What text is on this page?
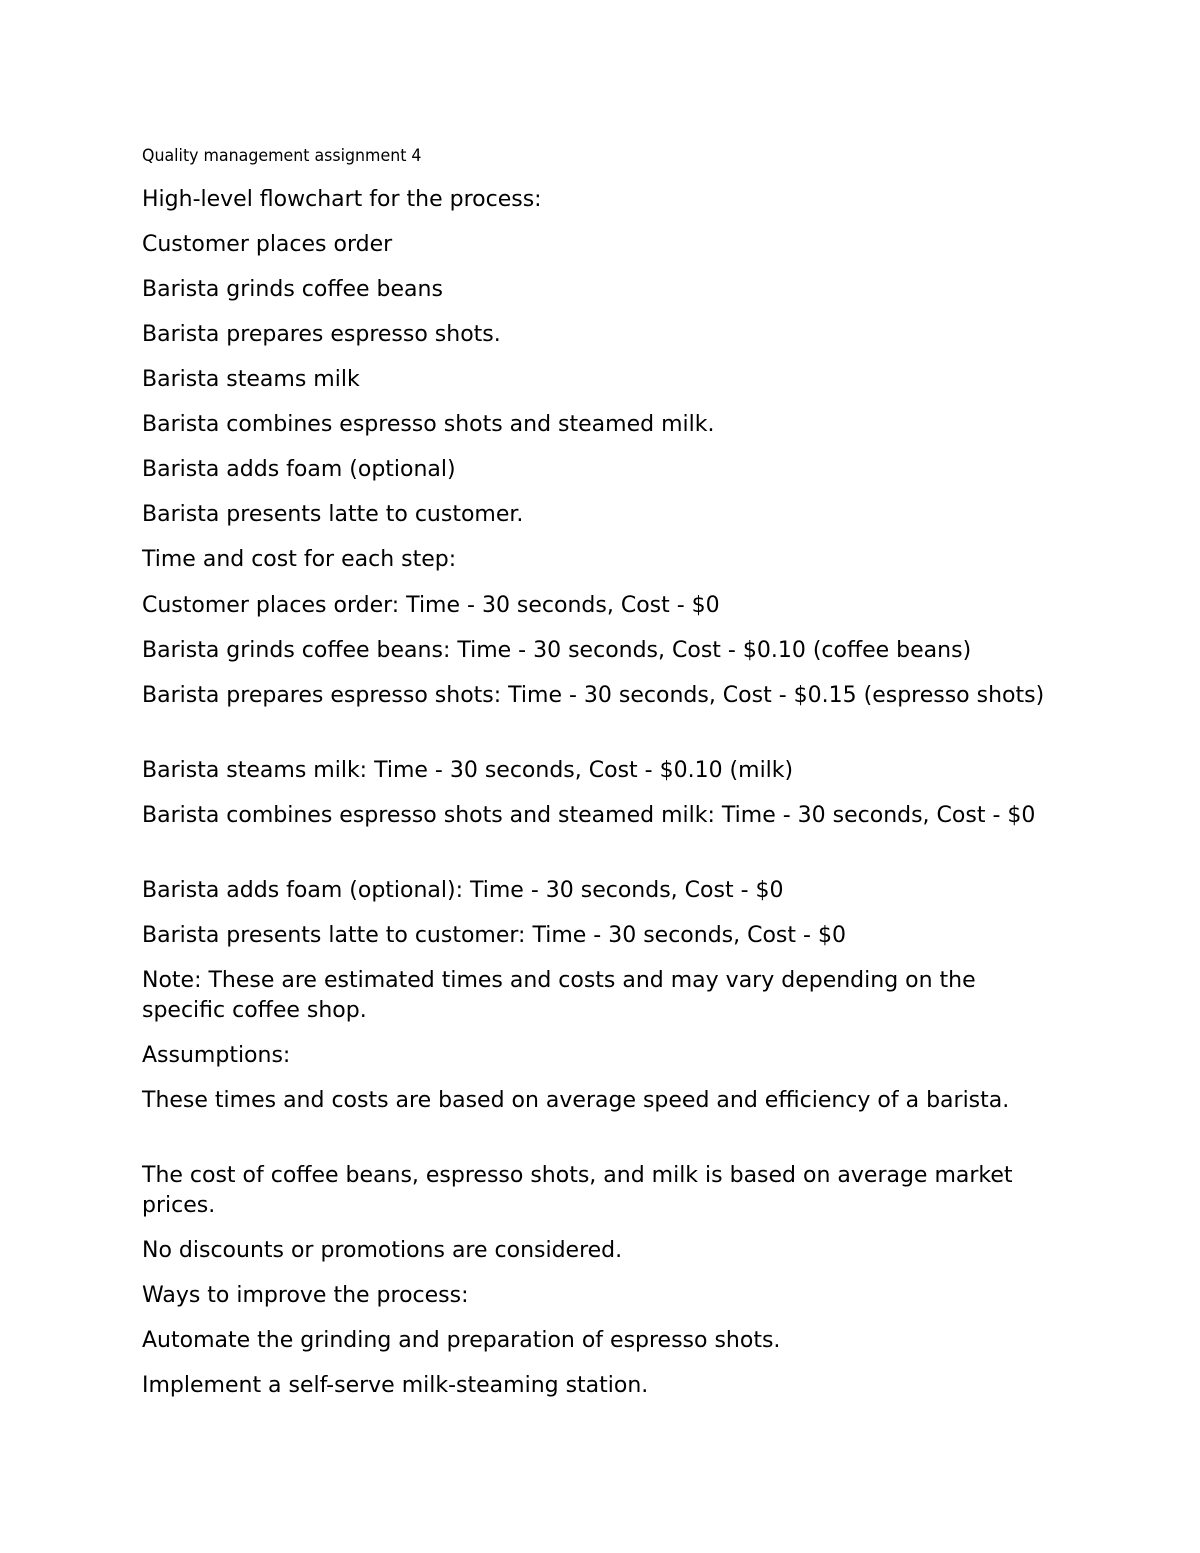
Quality management assignment 4

High-level flowchart for the process:

Customer places order

Barista grinds coffee beans

Barista prepares espresso shots.

Barista steams milk

Barista combines espresso shots and steamed milk.

Barista adds foam (optional)

Barista presents latte to customer.

Time and cost for each step:

Customer places order: Time - 30 seconds, Cost - $0

Barista grinds coffee beans: Time - 30 seconds, Cost - $0.10 (coffee beans)

Barista prepares espresso shots: Time - 30 seconds, Cost - $0.15 (espresso shots)

Barista steams milk: Time - 30 seconds, Cost - $0.10 (milk)

Barista combines espresso shots and steamed milk: Time - 30 seconds, Cost - $0

Barista adds foam (optional): Time - 30 seconds, Cost - $0

Barista presents latte to customer: Time - 30 seconds, Cost - $0

Note: These are estimated times and costs and may vary depending on the specific coffee shop.

Assumptions:

These times and costs are based on average speed and efficiency of a barista.

The cost of coffee beans, espresso shots, and milk is based on average market prices.

No discounts or promotions are considered.

Ways to improve the process:

Automate the grinding and preparation of espresso shots.

Implement a self-serve milk-steaming station.
